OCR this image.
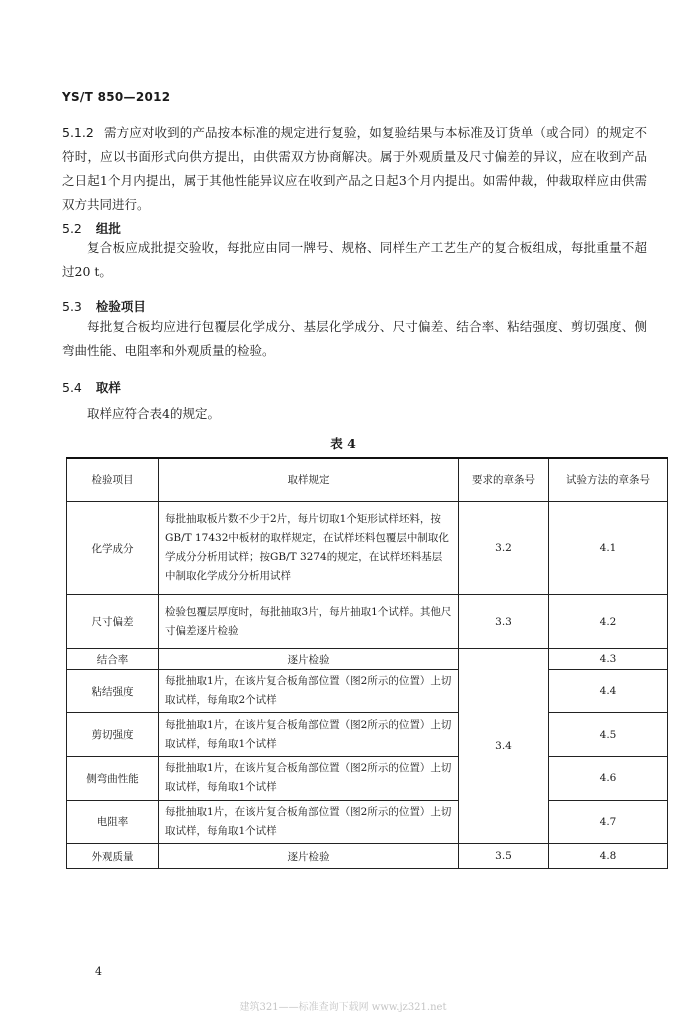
YS/T 850—2012

5.1.2 需方应对收到的产品按本标准的规定进行复验，如复验结果与本标准及订货单（或合同）的规定不符时，应以书面形式向供方提出，由供需双方协商解决。属于外观质量及尺寸偏差的异议，应在收到产品之日起1个月内提出，属于其他性能异议应在收到产品之日起3个月内提出。如需仲裁，仲裁取样应由供需双方共同进行。

5.2 组批

复合板应成批提交验收，每批应由同一牌号、规格、同样生产工艺生产的复合板组成，每批重量不超过20 t。

5.3 检验项目

每批复合板均应进行包覆层化学成分、基层化学成分、尺寸偏差、结合率、粘结强度、剪切强度、侧弯曲性能、电阻率和外观质量的检验。

5.4 取样

取样应符合表4的规定。

表 4
检验项目	取样规定	要求的章条号	试验方法的章条号
化学成分	每批抽取板片数不少于2片，每片切取1个矩形试样坯料，按GB/T 17432中板材的取样规定，在试样坯料包覆层中制取化学成分分析用试样；按GB/T 3274的规定，在试样坯料基层中制取化学成分分析用试样	3.2	4.1
尺寸偏差	检验包覆层厚度时，每批抽取3片，每片抽取1个试样。其他尺寸偏差逐片检验	3.3	4.2
结合率	逐片检验	3.4	4.3
粘结强度	每批抽取1片，在该片复合板角部位置（图2所示的位置）上切取试样，每角取2个试样		4.4
剪切强度	每批抽取1片，在该片复合板角部位置（图2所示的位置）上切取试样，每角取1个试样		4.5
侧弯曲性能	每批抽取1片，在该片复合板角部位置（图2所示的位置）上切取试样，每角取1个试样		4.6
电阻率	每批抽取1片，在该片复合板角部位置（图2所示的位置）上切取试样，每角取1个试样		4.7
外观质量	逐片检验	3.5	4.8
4
建筑321——标准查询下载网 www.jz321.net
